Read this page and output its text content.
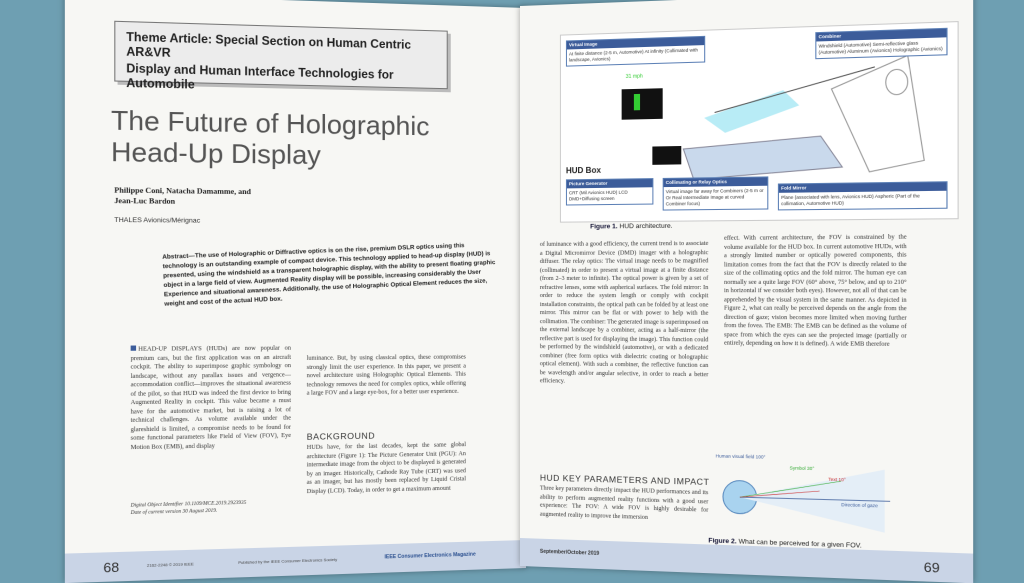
Theme Article: Special Section on Human Centric AR&VR
Display and Human Interface Technologies for Automobile
The Future of Holographic
Head-Up Display
Philippe Coni, Natacha Damamme, and Jean-Luc Bardon
THALES Avionics/Mérignac
Abstract—The use of Holographic or Diffractive optics is on the rise, premium DSLR optics using this technology is an outstanding example of compact device. This technology applied to head-up display (HUD) is presented, using the windshield as a transparent holographic display, with the ability to present floating graphic object in a large field of view. Augmented Reality display will be possible, increasing considerably the User Experience and situational awareness. Additionally, the use of Holographic Optical Element reduces the size, weight and cost of the actual HUD box.
HEAD-UP DISPLAYS (HUDs) are now popular on premium cars, but the first application was on an aircraft cockpit. The ability to superimpose graphic symbology on landscape, without any parallax issues and vergence—accommodation conflict—improves the situational awareness of the pilot, so that HUD was indeed the first device to bring Augmented Reality in cockpit. This value became a must have for the automotive market, but is raising a lot of technical challenges. As volume available under the glareshield is limited, a compromise needs to be found for some functional parameters like Field of View (FOV), Eye Motion Box (EMB), and display
Digital Object Identifier 10.1109/MCE.2019.2923935
Date of current version 30 August 2019.
luminance. But, by using classical optics, these compromises strongly limit the user experience. In this paper, we present a novel architecture using Holographic Optical Elements. This technology removes the need for complex optics, while offering a large FOV and a large eye-box, for a better user experience.
BACKGROUND
HUDs have, for the last decades, kept the same global architecture (Figure 1): The Picture Generator Unit (PGU): An intermediate image from the object to be displayed is generated by an imager. Historically, Cathode Ray Tube (CRT) was used as an imager, but has mostly been replaced by Liquid Cristal Display (LCD). Today, in order to get a maximum amount
68	2162-2248 © 2019 IEEE	Published by the IEEE Consumer Electronics Society
IEEE Consumer Electronics Magazine
Virtual Image
At finite distance (2-5 m, Automotive) At infinity (Collimated with landscape, Avionics)
Combiner
Windshield (Automotive) Semi-reflective glass (Automotive) Aluminum (Avionics) Holographic (Avionics)
31 mph
HUD Box
Picture Generator
CRT (Mil Avionics HUD) LCD DMD+Diffusing screen
Collimating or Relay Optics
Virtual image far away for Combiners (2-5 m or Or Real Intermediate Image at curved Combiner focus)
Fold Mirror
Plane (associated with lens, Avionics HUD) Aspheric (Part of the collimation, Automotive HUD)
Figure 1. HUD architecture.
of luminance with a good efficiency, the current trend is to associate a Digital Micromirror Device (DMD) imager with a holographic diffuser. The relay optics: The virtual image needs to be magnified (collimated) in order to present a virtual image at a finite distance (from 2–3 meter to infinite). The optical power is given by a set of refractive lenses, some with aspherical surfaces. The fold mirror: In order to reduce the system length or comply with cockpit installation constraints, the optical path can be folded by at least one mirror. This mirror can be flat or with power to help with the collimation. The combiner: The generated image is superimposed on the external landscape by a combiner, acting as a half-mirror (the reflective part is used for displaying the image). This function could be performed by the windshield (automotive), or with a dedicated combiner (free form optics with dielectric coating or holographic optical element). With such a combiner, the reflective function can be wavelength and/or angular selective, in order to reach a better efficiency.
HUD KEY PARAMETERS AND IMPACT
Three key parameters directly impact the HUD performances and its ability to perform augmented reality functions with a good user experience: The FOV: A wide FOV is highly desirable for augmented reality to improve the immersion
effect. With current architecture, the FOV is constrained by the volume available for the HUD box. In current automotive HUDs, with a strongly limited number or optically powered components, this limitation comes from the fact that the FOV is directly related to the size of the collimating optics and the fold mirror. The human eye can normally see a quite large FOV (60° above, 75° below, and up to 210° in horizontal if we consider both eyes). However, not all of that can be apprehended by the visual system in the same manner. As depicted in Figure 2, what can really be perceived depends on the angle from the direction of gaze; vision becomes more limited when moving further from the fovea. The EMB: The EMB can be defined as the volume of space from which the eyes can see the projected image (partially or entirely, depending on how it is defined). A wide EMB therefore
Human visual field 100°
Symbol 30°
Text 10°
Direction of gaze
Figure 2. What can be perceived for a given FOV.
September/October 2019
69
